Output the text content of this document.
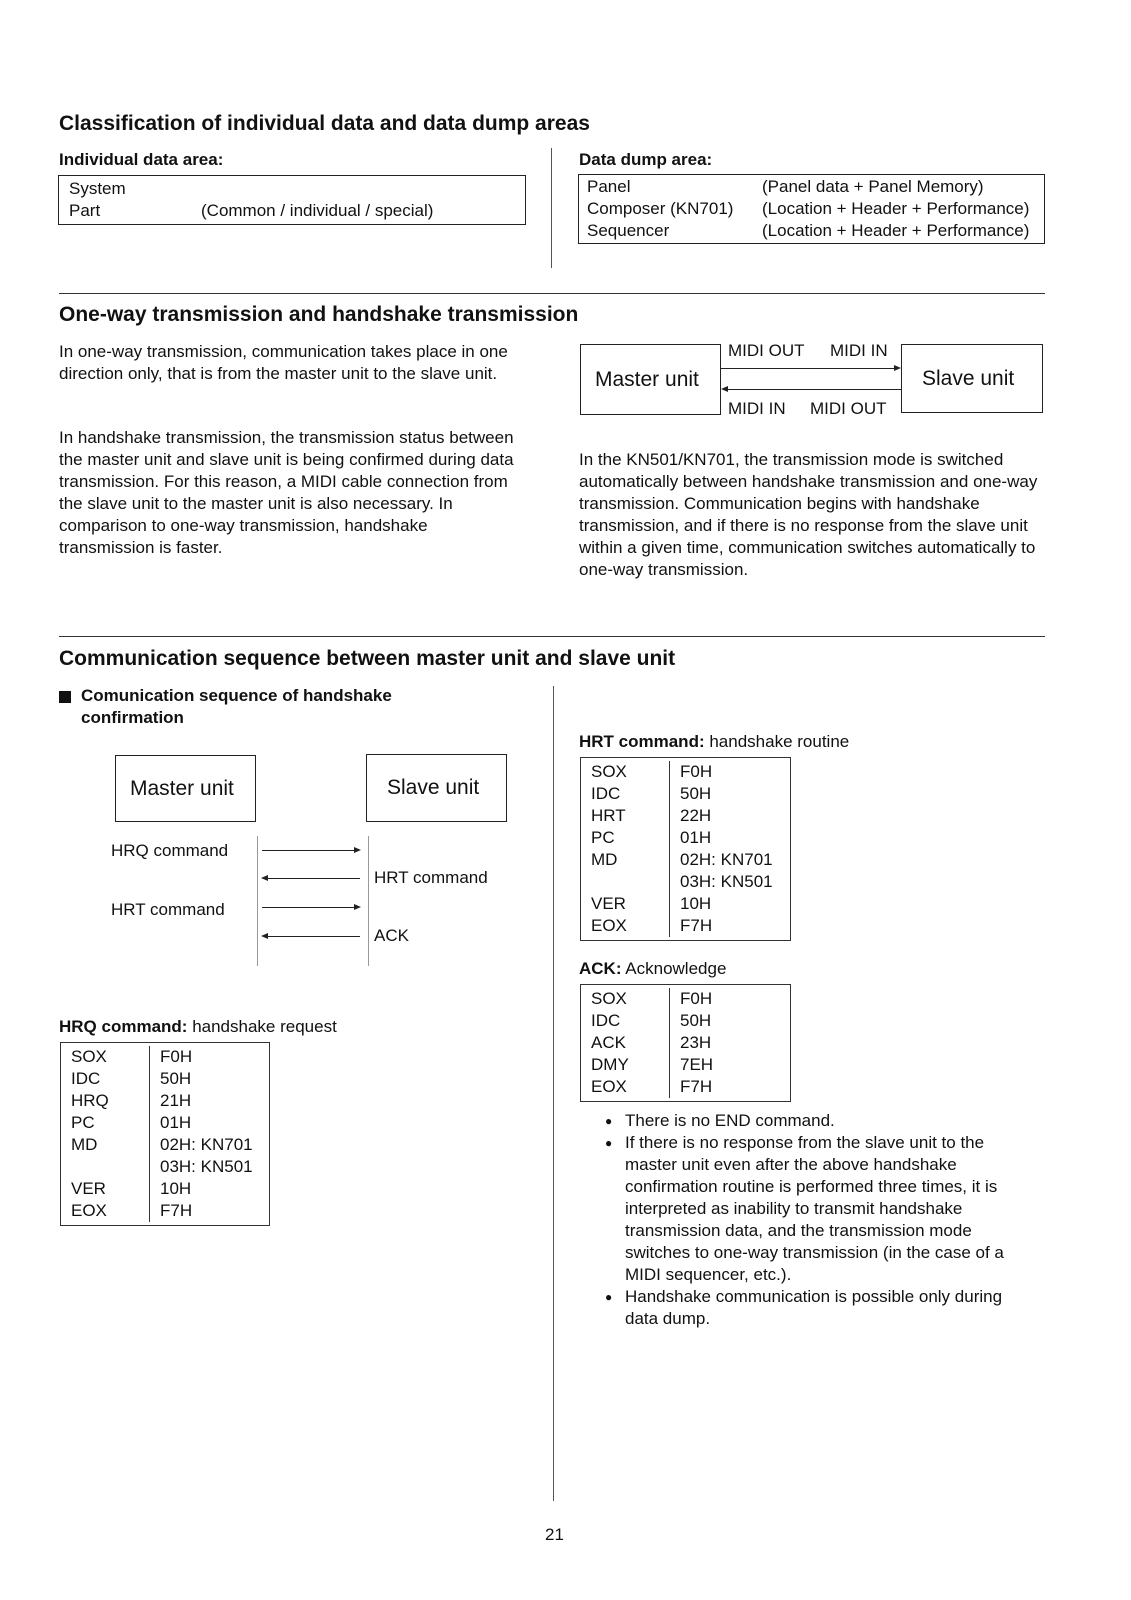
Classification of individual data and data dump areas
Individual data area:
System
Part	(Common / individual / special)
Data dump area:
Panel	(Panel data + Panel Memory)
Composer (KN701) (Location + Header + Performance)
Sequencer	(Location + Header + Performance)
One-way transmission and handshake transmission
In one-way transmission, communication takes place in one direction only, that is from the master unit to the slave unit.
In handshake transmission, the transmission status between the master unit and slave unit is being confirmed during data transmission. For this reason, a MIDI cable connection from the slave unit to the master unit is also necessary. In comparison to one-way transmission, handshake transmission is faster.
Master unit	Slave unit
MIDI OUT MIDI IN
MIDI IN MIDI OUT
In the KN501/KN701, the transmission mode is switched automatically between handshake transmission and one-way transmission. Communication begins with handshake transmission, and if there is no response from the slave unit within a given time, communication switches automatically to one-way transmission.
Communication sequence between master unit and slave unit
Comunication sequence of handshake confirmation
Master unit	Slave unit
HRQ command
HRT command
HRT command
ACK
HRQ command: handshake request
SOX	F0H
IDC	50H
HRQ	21H
PC	01H
MD	02H: KN701
	03H: KN501
VER	10H
EOX	F7H
HRT command: handshake routine
SOX	F0H
IDC	50H
HRT	22H
PC	01H
MD	02H: KN701
	03H: KN501
VER	10H
EOX	F7H
ACK: Acknowledge
SOX	F0H
IDC	50H
ACK	23H
DMY	7EH
EOX	F7H
● There is no END command.
● If there is no response from the slave unit to the master unit even after the above handshake confirmation routine is performed three times, it is interpreted as inability to transmit handshake transmission data, and the transmission mode switches to one-way transmission (in the case of a MIDI sequencer, etc.).
● Handshake communication is possible only during data dump.
21
